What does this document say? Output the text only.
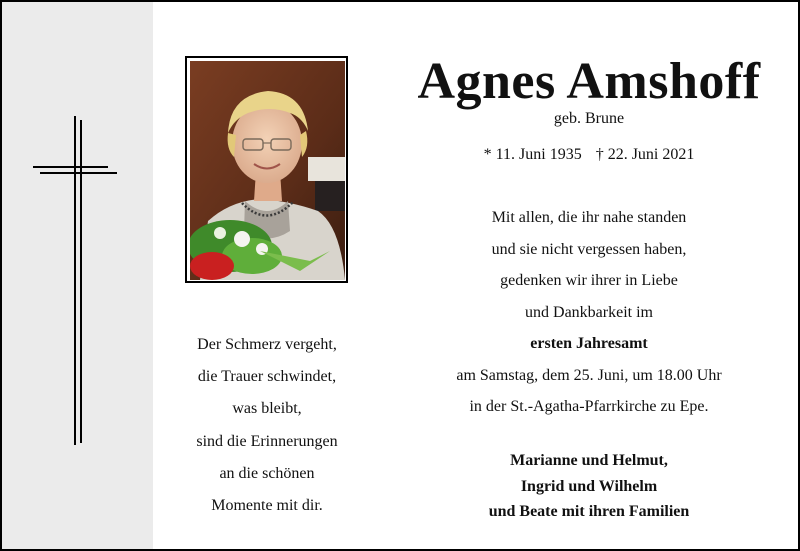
Der Schmerz vergeht,
die Trauer schwindet,
was bleibt,
sind die Erinnerungen
an die schönen
Momente mit dir.
Agnes Amshoff
geb. Brune
* 11. Juni 1935 † 22. Juni 2021
Mit allen, die ihr nahe standen
und sie nicht vergessen haben,
gedenken wir ihrer in Liebe
und Dankbarkeit im
ersten Jahresamt
am Samstag, dem 25. Juni, um 18.00 Uhr
in der St.-Agatha-Pfarrkirche zu Epe.
Marianne und Helmut,
Ingrid und Wilhelm
und Beate mit ihren Familien
